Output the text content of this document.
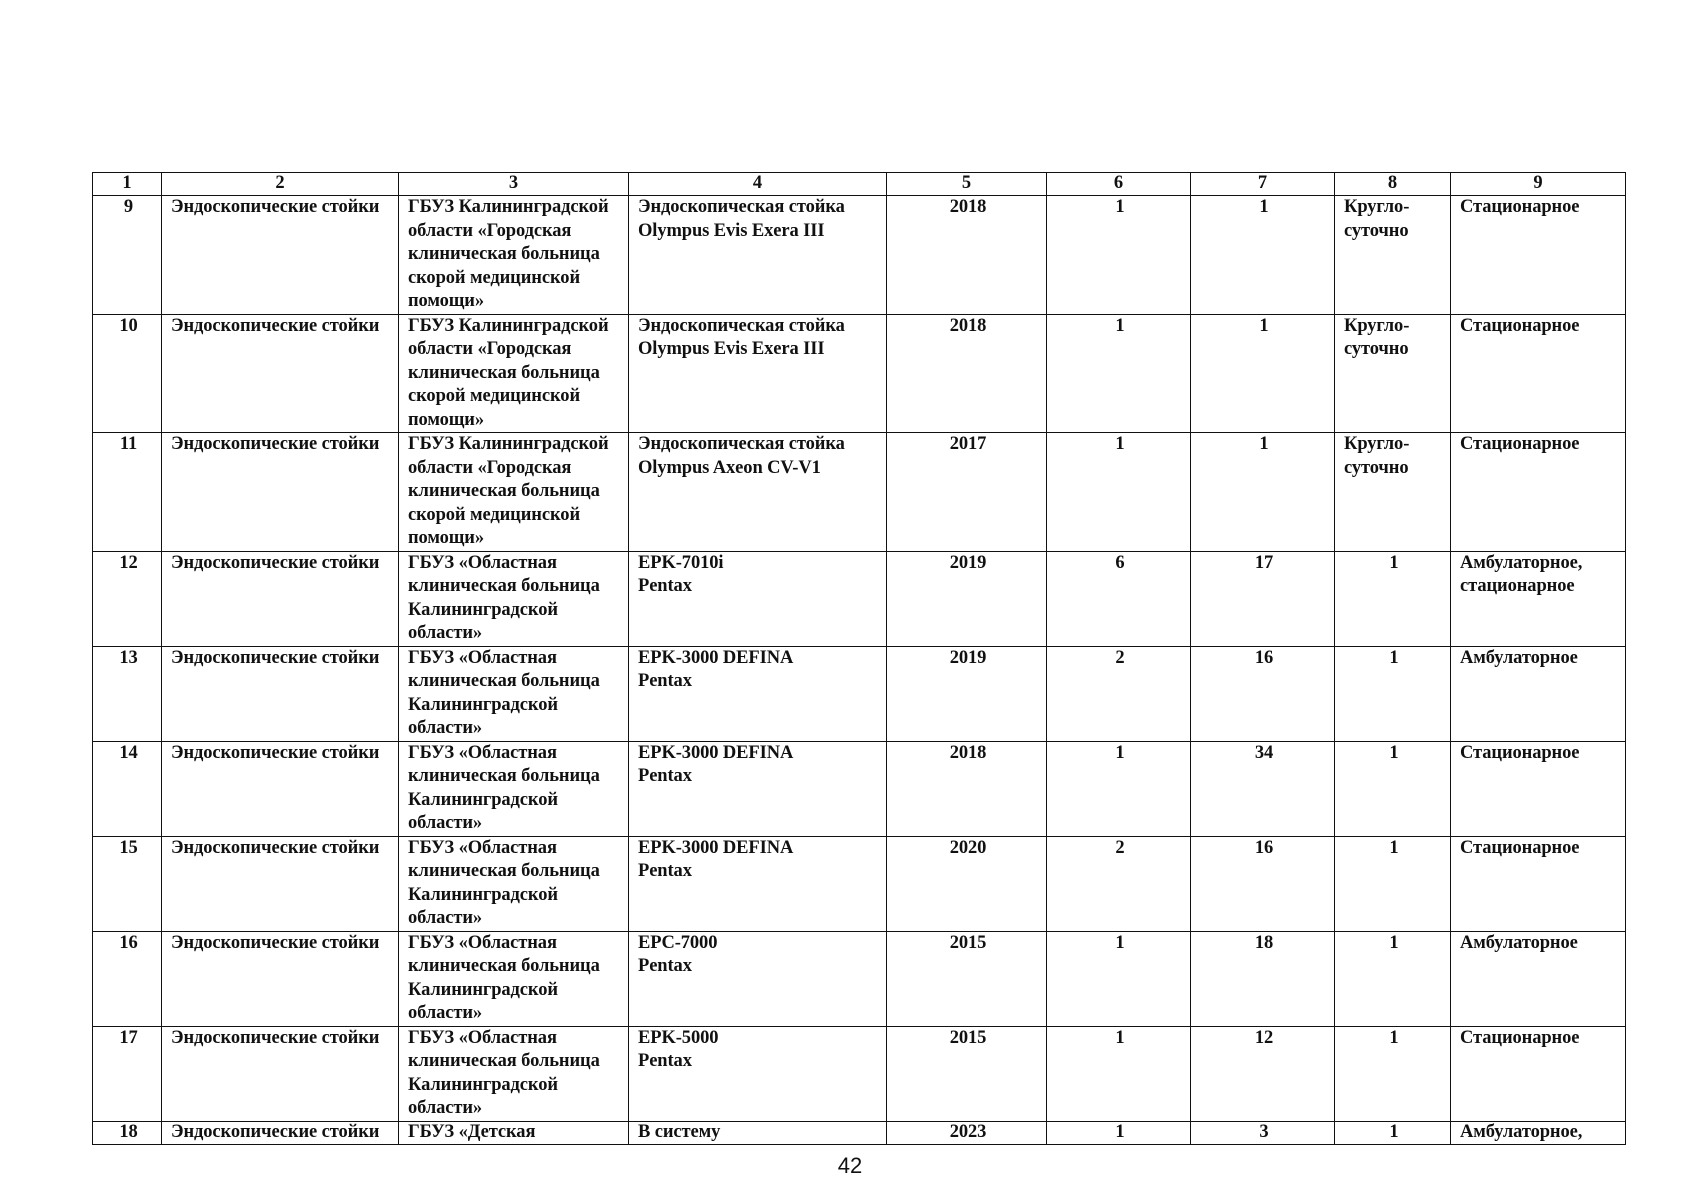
1	2	3	4	5	6	7	8	9
9	Эндоскопические стойки	ГБУЗ Калининградской
области «Городская
клиническая больница
скорой медицинской
помощи»	Эндоскопическая стойка
Olympus Evis Exera III	2018	1	1	Кругло-
суточно	Стационарное

10	Эндоскопические стойки	ГБУЗ Калининградской
области «Городская
клиническая больница
скорой медицинской
помощи»	Эндоскопическая стойка
Olympus Evis Exera III	2018	1	1	Кругло-
суточно	Стационарное

11	Эндоскопические стойки	ГБУЗ Калининградской
области «Городская
клиническая больница
скорой медицинской
помощи»	Эндоскопическая стойка
Olympus Axeon CV-V1	2017	1	1	Кругло-
суточно	Стационарное

12	Эндоскопические стойки	ГБУЗ «Областная
клиническая больница
Калининградской
области»	EPK-7010i
Pentax	2019	6	17	1	Амбулаторное,
стационарное

13	Эндоскопические стойки	ГБУЗ «Областная
клиническая больница
Калининградской
области»	EPK-3000 DEFINA
Pentax	2019	2	16	1	Амбулаторное

14	Эндоскопические стойки	ГБУЗ «Областная
клиническая больница
Калининградской
области»	EPK-3000 DEFINA
Pentax	2018	1	34	1	Стационарное

15	Эндоскопические стойки	ГБУЗ «Областная
клиническая больница
Калининградской
области»	EPK-3000 DEFINA
Pentax	2020	2	16	1	Стационарное

16	Эндоскопические стойки	ГБУЗ «Областная
клиническая больница
Калининградской
области»	EPC-7000
Pentax	2015	1	18	1	Амбулаторное

17	Эндоскопические стойки	ГБУЗ «Областная
клиническая больница
Калининградской
области»	EPK-5000
Pentax	2015	1	12	1	Стационарное

18	Эндоскопические стойки	ГБУЗ «Детская	В систему	2023	1	3	1	Амбулаторное,
42
